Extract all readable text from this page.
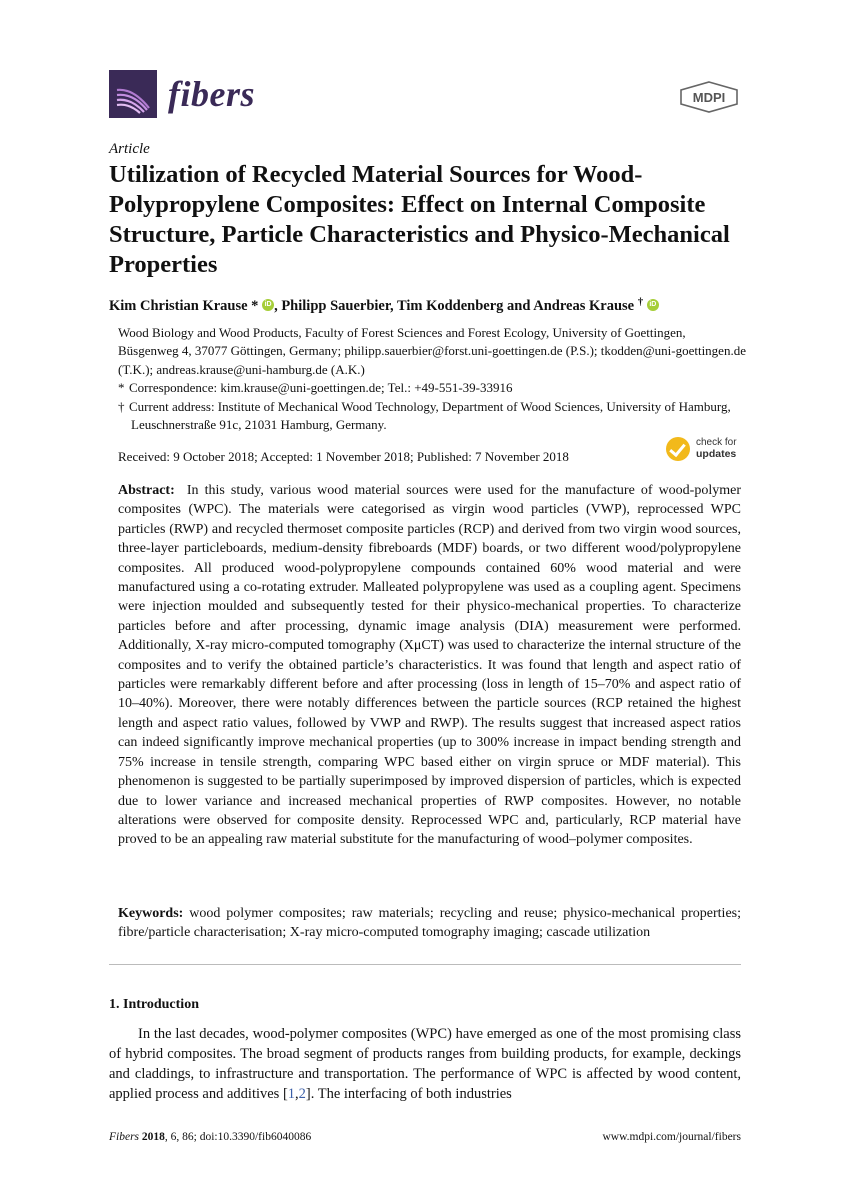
fibers	MDPI
Article
Utilization of Recycled Material Sources for Wood-Polypropylene Composites: Effect on Internal Composite Structure, Particle Characteristics and Physico-Mechanical Properties
Kim Christian Krause * iD , Philipp Sauerbier, Tim Koddenberg and Andreas Krause † iD

Wood Biology and Wood Products, Faculty of Forest Sciences and Forest Ecology, University of Goettingen, Büsgenweg 4, 37077 Göttingen, Germany; philipp.sauerbier@forst.uni-goettingen.de (P.S.); tkodden@uni-goettingen.de (T.K.); andreas.krause@uni-hamburg.de (A.K.)

* Correspondence: kim.krause@uni-goettingen.de; Tel.: +49-551-39-33916

† Current address: Institute of Mechanical Wood Technology, Department of Wood Sciences, University of Hamburg, Leuschnerstraße 91c, 21031 Hamburg, Germany.

Received: 9 October 2018; Accepted: 1 November 2018; Published: 7 November 2018
check for
updates

Abstract: In this study, various wood material sources were used for the manufacture of wood-polymer composites (WPC). The materials were categorised as virgin wood particles (VWP), reprocessed WPC particles (RWP) and recycled thermoset composite particles (RCP) and derived from two virgin wood sources, three-layer particleboards, medium-density fibreboards (MDF) boards, or two different wood/polypropylene composites. All produced wood-polypropylene compounds contained 60% wood material and were manufactured using a co-rotating extruder. Malleated polypropylene was used as a coupling agent. Specimens were injection moulded and subsequently tested for their physico-mechanical properties. To characterize particles before and after processing, dynamic image analysis (DIA) measurement were performed. Additionally, X-ray micro-computed tomography (XμCT) was used to characterize the internal structure of the composites and to verify the obtained particle’s characteristics. It was found that length and aspect ratio of particles were remarkably different before and after processing (loss in length of 15–70% and aspect ratio of 10–40%). Moreover, there were notably differences between the particle sources (RCP retained the highest length and aspect ratio values, followed by VWP and RWP). The results suggest that increased aspect ratios can indeed significantly improve mechanical properties (up to 300% increase in impact bending strength and 75% increase in tensile strength, comparing WPC based either on virgin spruce or MDF material). This phenomenon is suggested to be partially superimposed by improved dispersion of particles, which is expected due to lower variance and increased mechanical properties of RWP composites. However, no notable alterations were observed for composite density. Reprocessed WPC and, particularly, RCP material have proved to be an appealing raw material substitute for the manufacturing of wood–polymer composites.

Keywords: wood polymer composites; raw materials; recycling and reuse; physico-mechanical properties; fibre/particle characterisation; X-ray micro-computed tomography imaging; cascade utilization

1. Introduction

In the last decades, wood-polymer composites (WPC) have emerged as one of the most promising class of hybrid composites. The broad segment of products ranges from building products, for example, deckings and claddings, to infrastructure and transportation. The performance of WPC is affected by wood content, applied process and additives [1,2]. The interfacing of both industries

Fibers 2018, 6, 86; doi:10.3390/fib6040086	www.mdpi.com/journal/fibers
